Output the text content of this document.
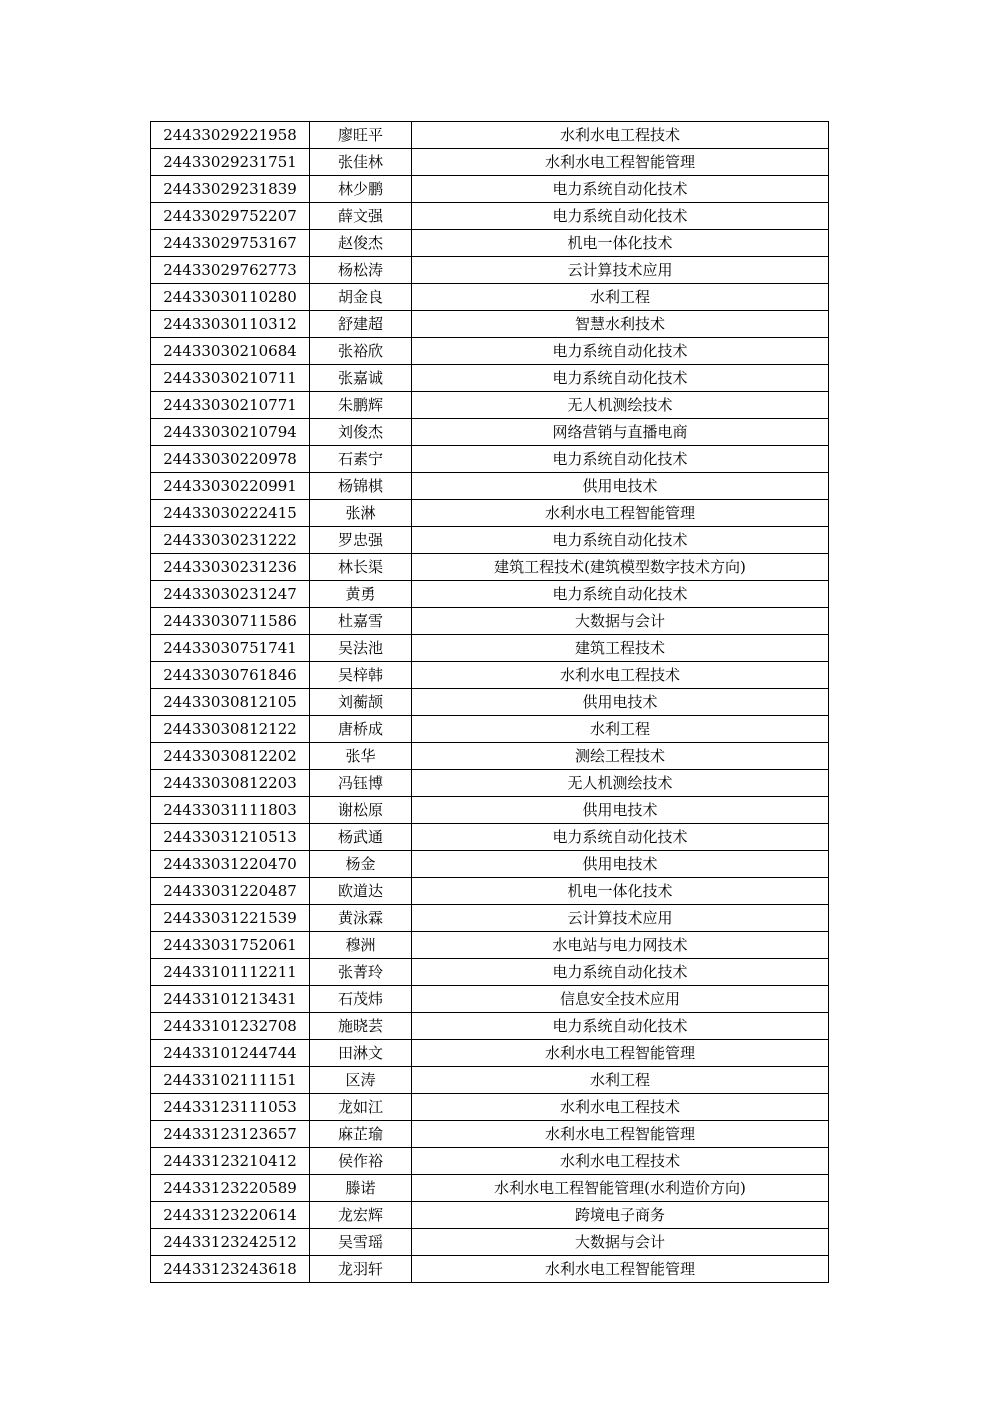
24433029221958	廖旺平	水利水电工程技术
24433029231751	张佳林	水利水电工程智能管理
24433029231839	林少鹏	电力系统自动化技术
24433029752207	薛文强	电力系统自动化技术
24433029753167	赵俊杰	机电一体化技术
24433029762773	杨松涛	云计算技术应用
24433030110280	胡金良	水利工程
24433030110312	舒建超	智慧水利技术
24433030210684	张裕欣	电力系统自动化技术
24433030210711	张嘉诚	电力系统自动化技术
24433030210771	朱鹏辉	无人机测绘技术
24433030210794	刘俊杰	网络营销与直播电商
24433030220978	石素宁	电力系统自动化技术
24433030220991	杨锦棋	供用电技术
24433030222415	张淋	水利水电工程智能管理
24433030231222	罗忠强	电力系统自动化技术
24433030231236	林长渠	建筑工程技术(建筑模型数字技术方向)
24433030231247	黄勇	电力系统自动化技术
24433030711586	杜嘉雪	大数据与会计
24433030751741	吴法池	建筑工程技术
24433030761846	吴梓韩	水利水电工程技术
24433030812105	刘蘅颉	供用电技术
24433030812122	唐桥成	水利工程
24433030812202	张华	测绘工程技术
24433030812203	冯钰博	无人机测绘技术
24433031111803	谢松原	供用电技术
24433031210513	杨武通	电力系统自动化技术
24433031220470	杨金	供用电技术
24433031220487	欧道达	机电一体化技术
24433031221539	黄泳霖	云计算技术应用
24433031752061	穆洲	水电站与电力网技术
24433101112211	张菁玲	电力系统自动化技术
24433101213431	石茂炜	信息安全技术应用
24433101232708	施晓芸	电力系统自动化技术
24433101244744	田淋文	水利水电工程智能管理
24433102111151	区涛	水利工程
24433123111053	龙如江	水利水电工程技术
24433123123657	麻芷瑜	水利水电工程智能管理
24433123210412	侯作裕	水利水电工程技术
24433123220589	滕诺	水利水电工程智能管理(水利造价方向)
24433123220614	龙宏辉	跨境电子商务
24433123242512	吴雪瑶	大数据与会计
24433123243618	龙羽轩	水利水电工程智能管理
